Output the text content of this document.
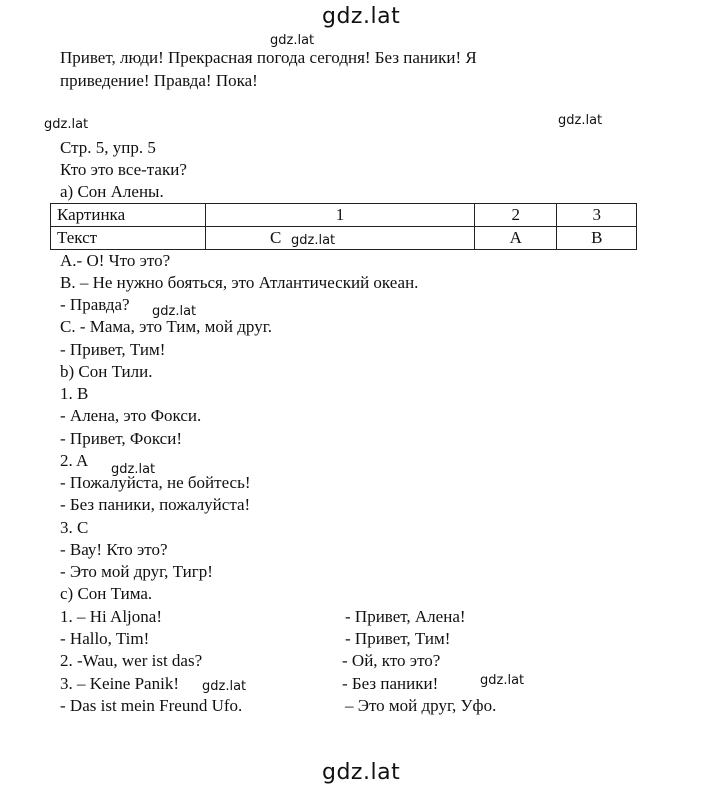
gdz.lat
gdz.lat
gdz.lat	gdz.lat
gdz.lat
gdz.lat
gdz.lat
gdz.lat	gdz.lat
gdz.lat
Привет, люди! Прекрасная погода сегодня! Без паники! Я
приведение! Правда! Пока!
Стр. 5, упр. 5
Кто это все-таки?
а) Сон Алены.
Картинка	1	2	3
Текст	C	A	B
А.- О! Что это?
В. – Не нужно бояться, это Атлантический океан.
- Правда?
С. - Мама, это Тим, мой друг.
- Привет, Тим!
b) Сон Тили.
1. B
- Алена, это Фокси.
- Привет, Фокси!
2. A
- Пожалуйста, не бойтесь!
- Без паники, пожалуйста!
3. C
- Вау! Кто это?
- Это мой друг, Тигр!
с) Сон Тима.
1. – Hi Aljona!	- Привет, Алена!
- Hallo, Tim!	- Привет, Тим!
2. -Wau, wer ist das?	- Ой, кто это?
3. – Keine Panik!	- Без паники!
- Das ist mein Freund Ufo.	– Это мой друг, Уфо.
